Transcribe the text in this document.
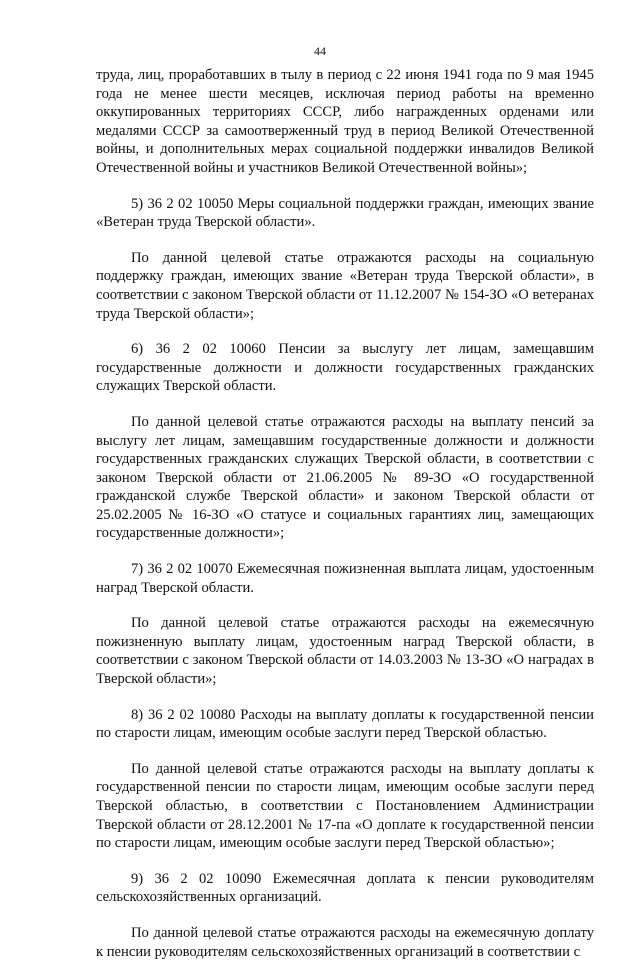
44

труда, лиц, проработавших в тылу в период с 22 июня 1941 года по 9 мая 1945 года не менее шести месяцев, исключая период работы на временно оккупированных территориях СССР, либо награжденных орденами или медалями СССР за самоотверженный труд в период Великой Отечественной войны, и дополнительных мерах социальной поддержки инвалидов Великой Отечественной войны и участников Великой Отечественной войны»;

5) 36 2 02 10050 Меры социальной поддержки граждан, имеющих звание «Ветеран труда Тверской области».

По данной целевой статье отражаются расходы на социальную поддержку граждан, имеющих звание «Ветеран труда Тверской области», в соответствии с законом Тверской области от 11.12.2007 № 154-ЗО «О ветеранах труда Тверской области»;

6) 36 2 02 10060 Пенсии за выслугу лет лицам, замещавшим государственные должности и должности государственных гражданских служащих Тверской области.

По данной целевой статье отражаются расходы на выплату пенсий за выслугу лет лицам, замещавшим государственные должности и должности государственных гражданских служащих Тверской области, в соответствии с законом Тверской области от 21.06.2005 № 89-ЗО «О государственной гражданской службе Тверской области» и законом Тверской области от 25.02.2005 № 16-ЗО «О статусе и социальных гарантиях лиц, замещающих государственные должности»;

7) 36 2 02 10070 Ежемесячная пожизненная выплата лицам, удостоенным наград Тверской области.

По данной целевой статье отражаются расходы на ежемесячную пожизненную выплату лицам, удостоенным наград Тверской области, в соответствии с законом Тверской области от 14.03.2003 № 13-ЗО «О наградах в Тверской области»;

8) 36 2 02 10080 Расходы на выплату доплаты к государственной пенсии по старости лицам, имеющим особые заслуги перед Тверской областью.

По данной целевой статье отражаются расходы на выплату доплаты к государственной пенсии по старости лицам, имеющим особые заслуги перед Тверской областью, в соответствии с Постановлением Администрации Тверской области от 28.12.2001 № 17-па «О доплате к государственной пенсии по старости лицам, имеющим особые заслуги перед Тверской областью»;

9) 36 2 02 10090 Ежемесячная доплата к пенсии руководителям сельскохозяйственных организаций.

По данной целевой статье отражаются расходы на ежемесячную доплату к пенсии руководителям сельскохозяйственных организаций в соответствии с
